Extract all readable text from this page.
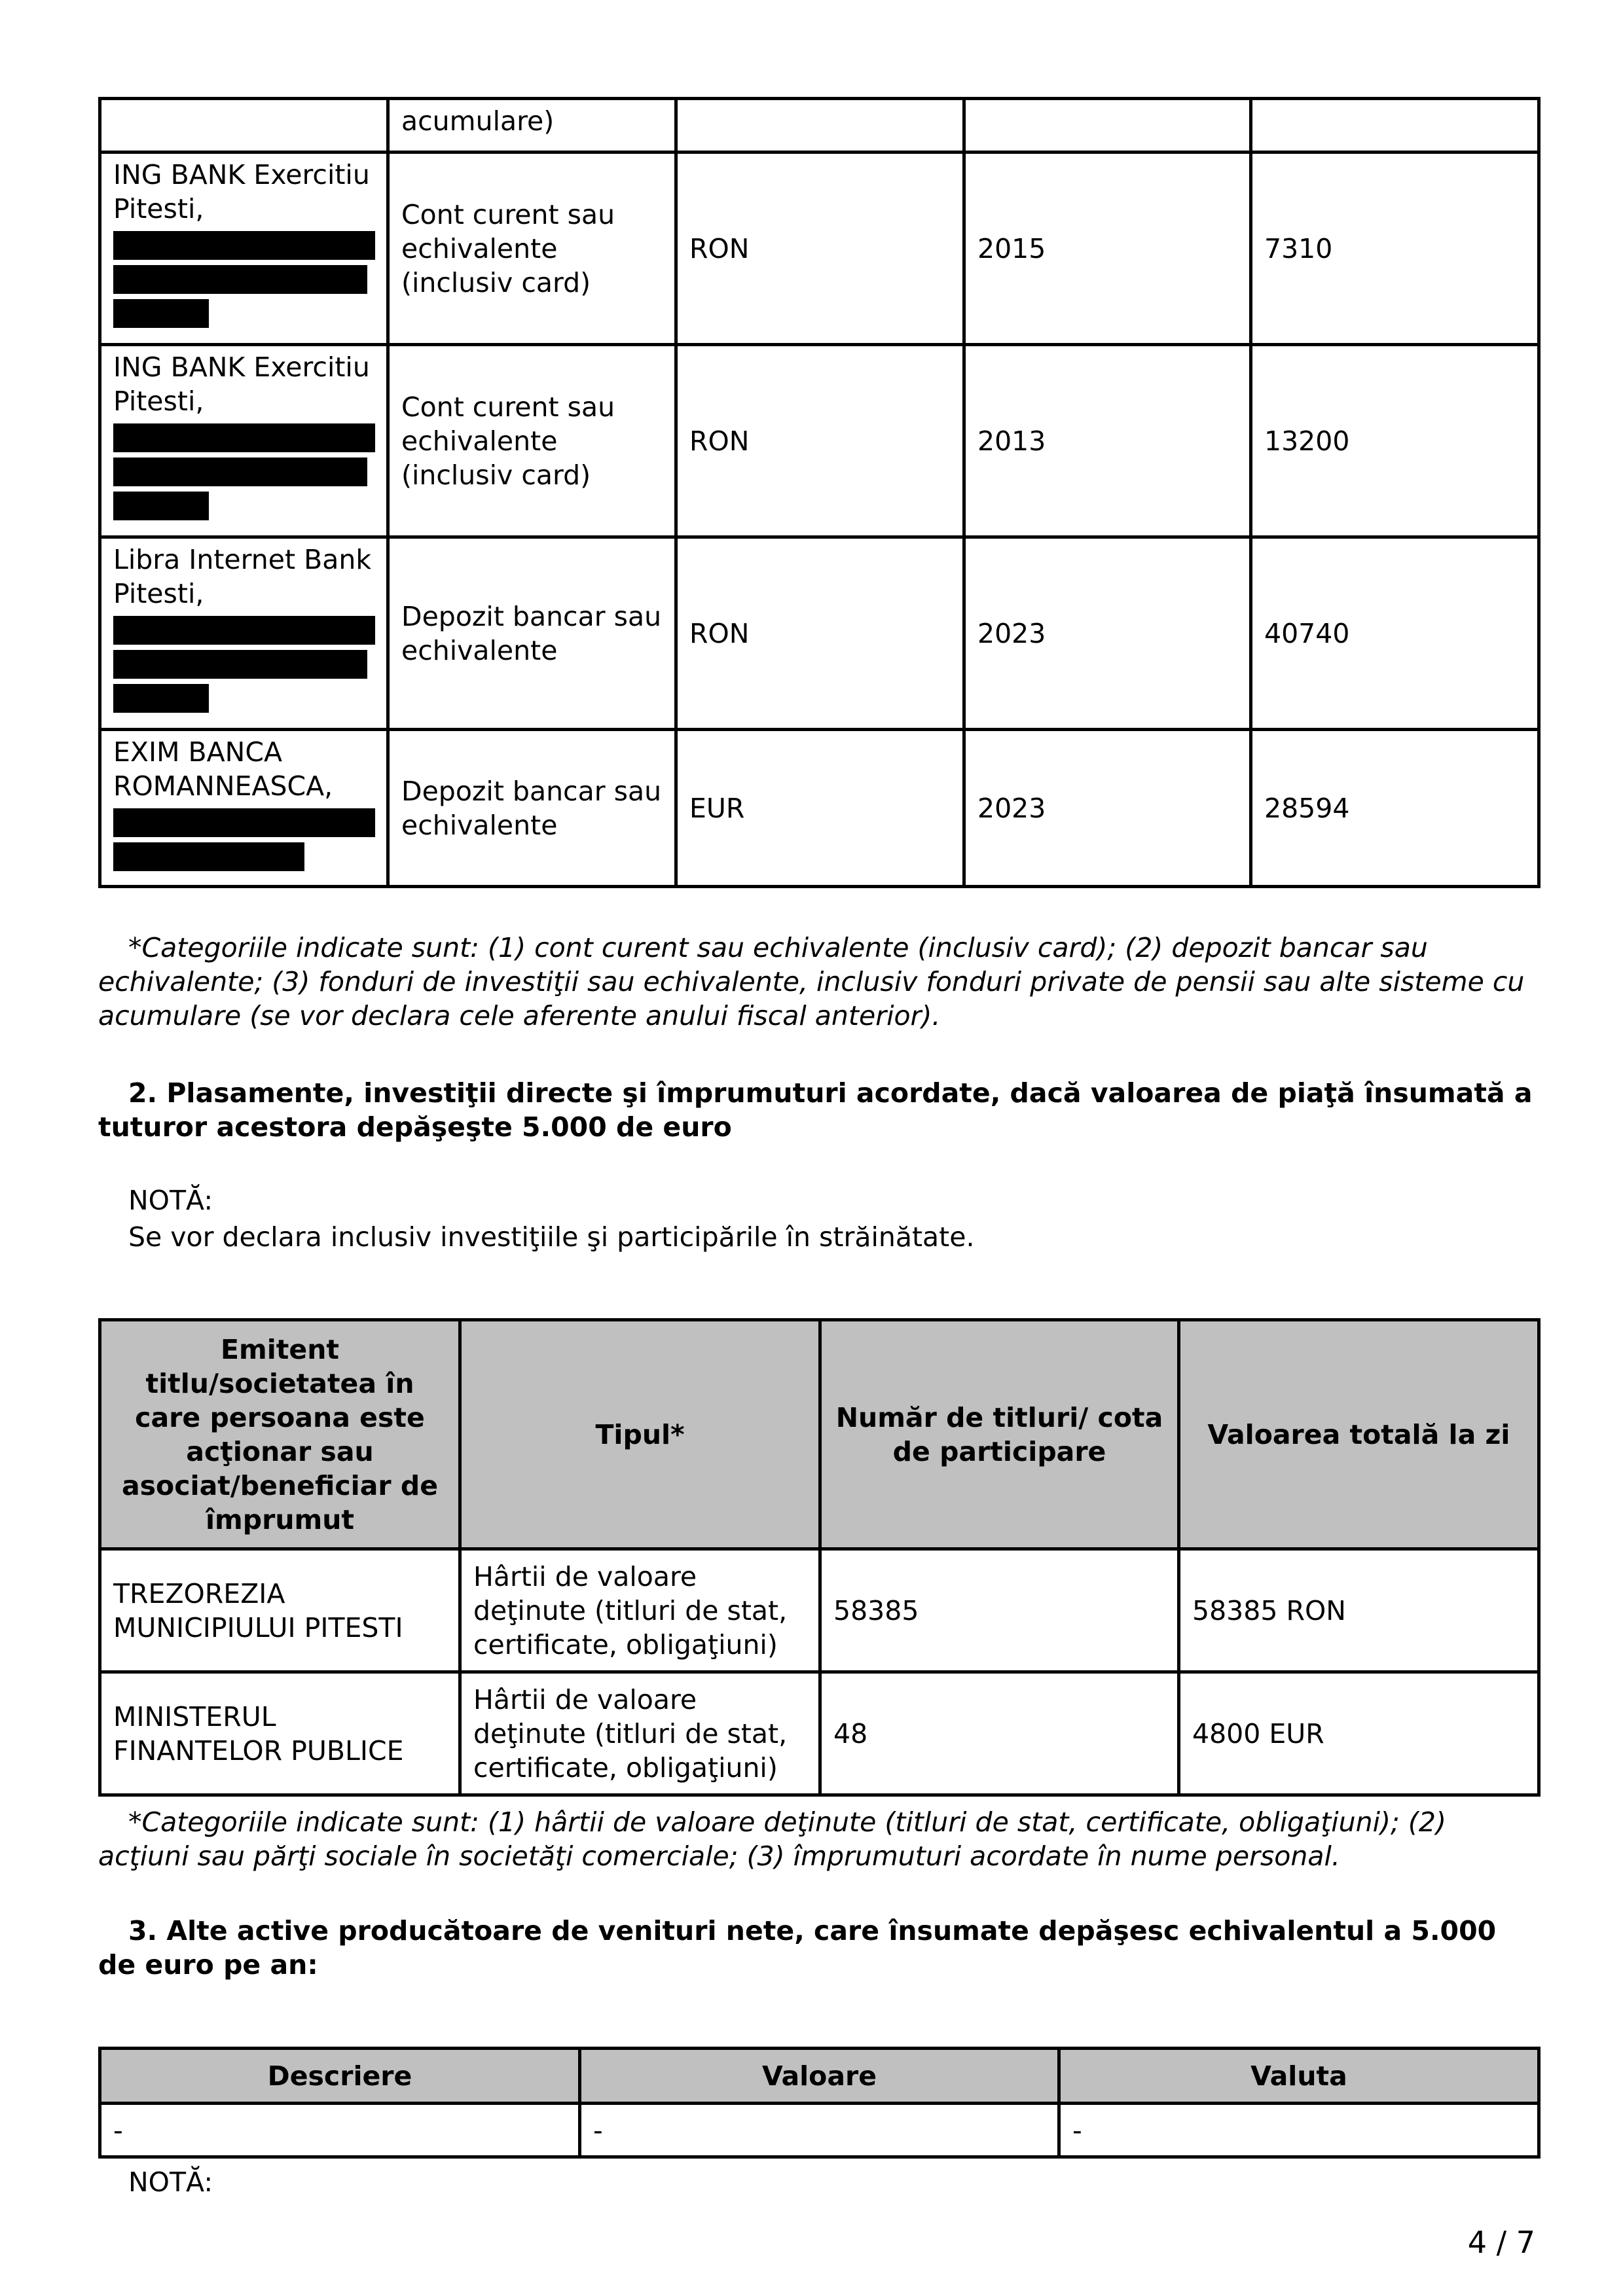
	acumulare)			
ING BANK Exercitiu Pitesti,	Cont curent sau echivalente (inclusiv card)	RON	2015	7310
ING BANK Exercitiu Pitesti,	Cont curent sau echivalente (inclusiv card)	RON	2013	13200
Libra Internet Bank Pitesti,	Depozit bancar sau echivalente	RON	2023	40740
EXIM BANCA ROMANNEASCA,	Depozit bancar sau echivalente	EUR	2023	28594

*Categoriile indicate sunt: (1) cont curent sau echivalente (inclusiv card); (2) depozit bancar sau echivalente; (3) fonduri de investiţii sau echivalente, inclusiv fonduri private de pensii sau alte sisteme cu acumulare (se vor declara cele aferente anului fiscal anterior).

2. Plasamente, investiţii directe şi împrumuturi acordate, dacă valoarea de piaţă însumată a tuturor acestora depăşeşte 5.000 de euro

NOTĂ:

Se vor declara inclusiv investiţiile şi participările în străinătate.

Emitent titlu/societatea în care persoana este acţionar sau asociat/beneficiar de împrumut	Tipul*	Număr de titluri/ cota de participare	Valoarea totală la zi
TREZOREZIA MUNICIPIULUI PITESTI	Hârtii de valoare deţinute (titluri de stat, certificate, obligaţiuni)	58385	58385 RON
MINISTERUL FINANTELOR PUBLICE	Hârtii de valoare deţinute (titluri de stat, certificate, obligaţiuni)	48	4800 EUR

*Categoriile indicate sunt: (1) hârtii de valoare deţinute (titluri de stat, certificate, obligaţiuni); (2) acţiuni sau părţi sociale în societăţi comerciale; (3) împrumuturi acordate în nume personal.

3. Alte active producătoare de venituri nete, care însumate depăşesc echivalentul a 5.000 de euro pe an:

Descriere	Valoare	Valuta
-	-	-

NOTĂ:

4 / 7
